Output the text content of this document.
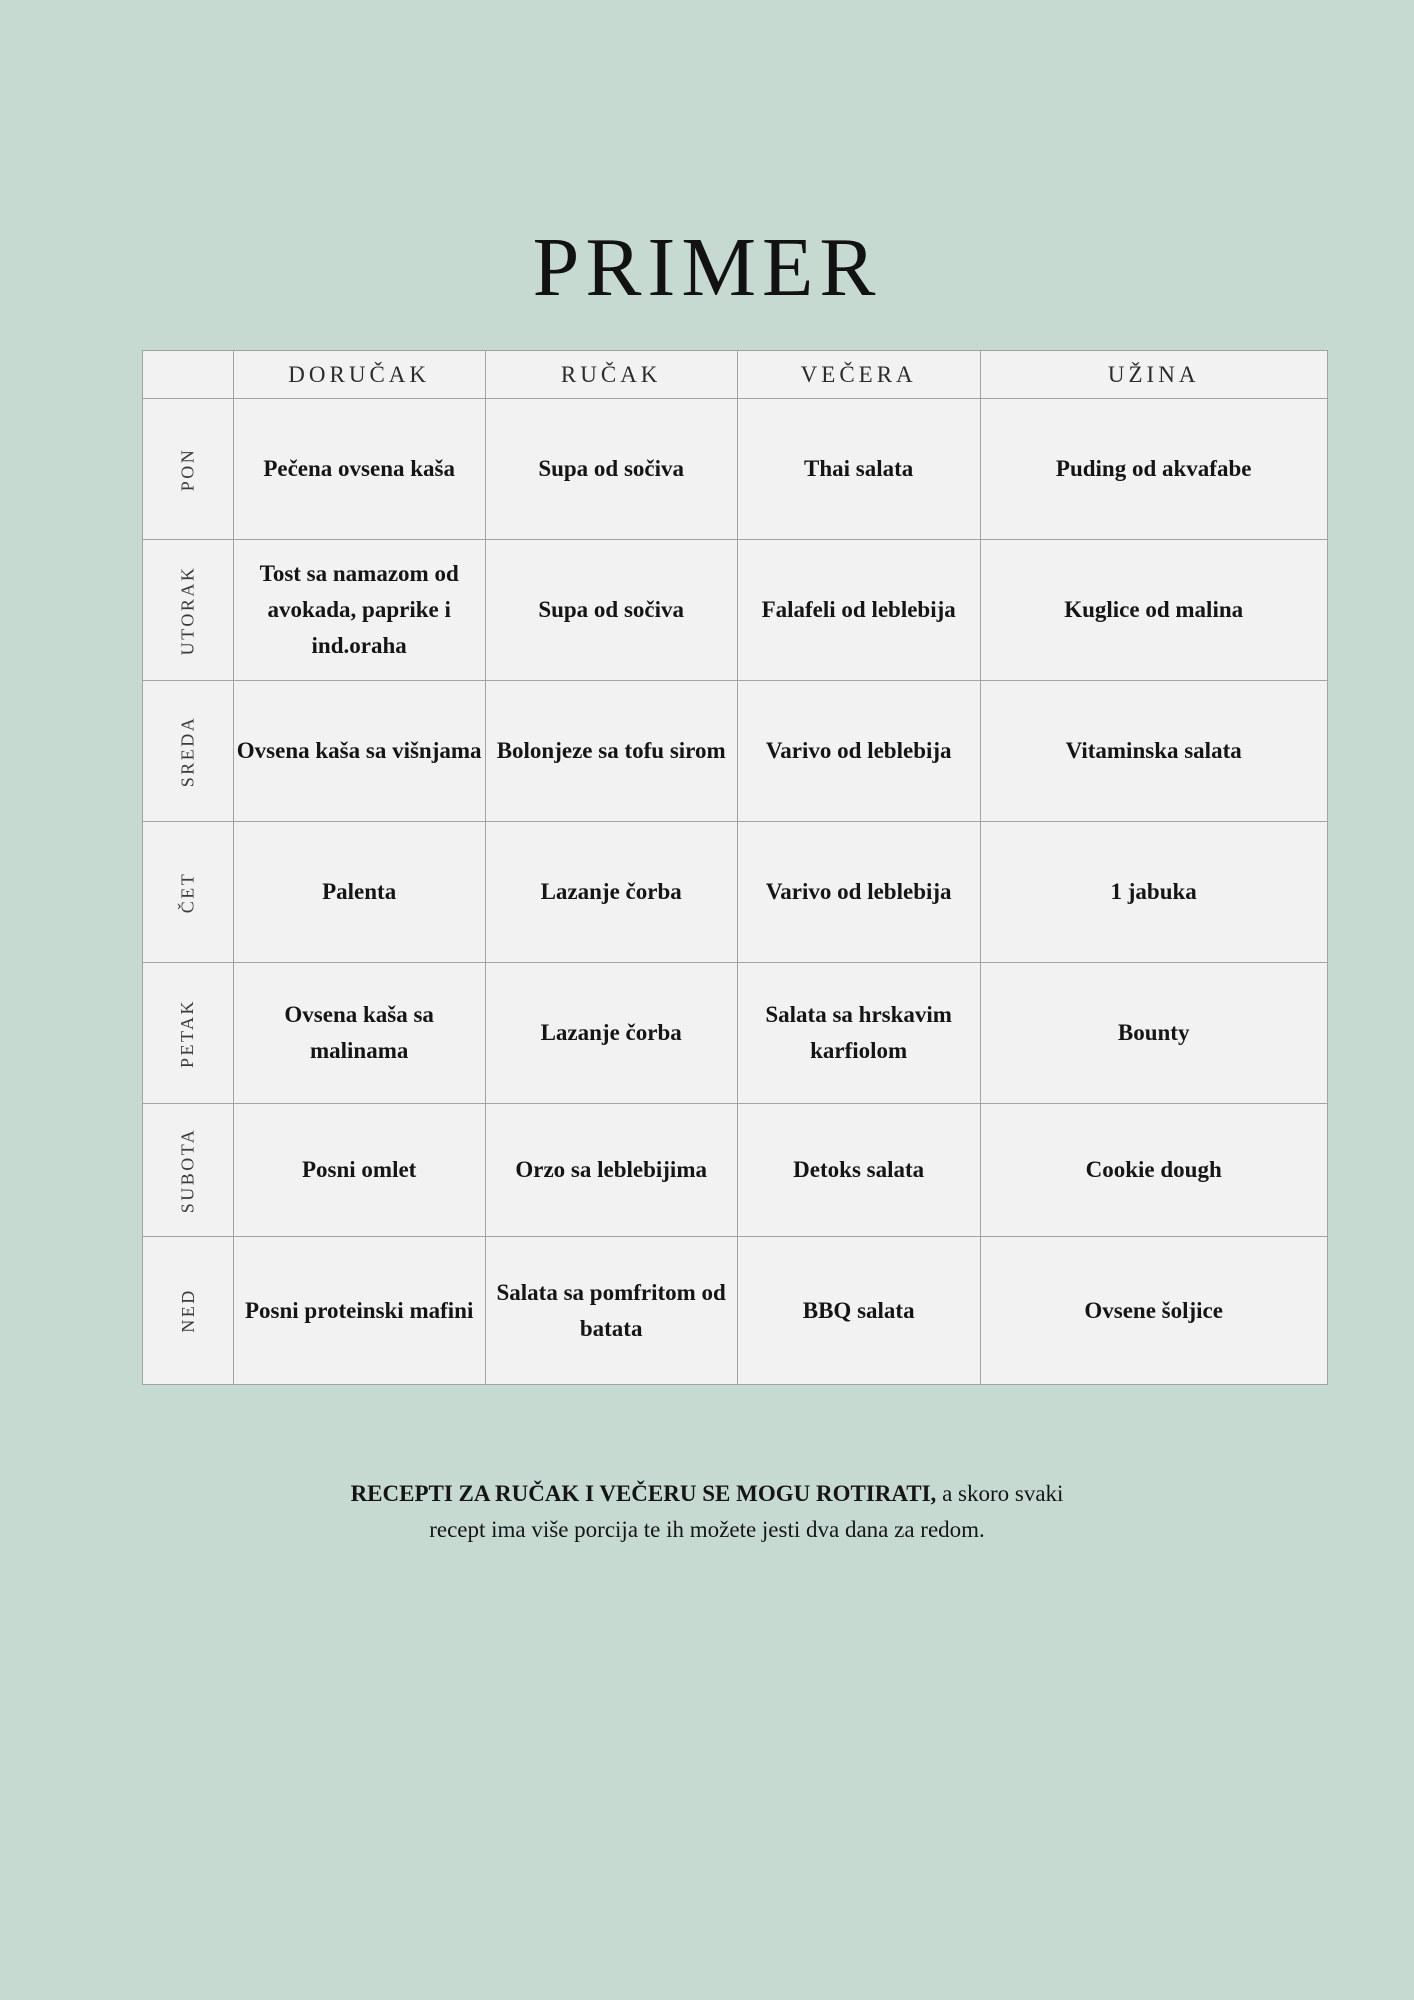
PRIMER
	DORUČAK	RUČAK	VEČERA	UŽINA
PON	Pečena ovsena kaša	Supa od sočiva	Thai salata	Puding od akvafabe
UTORAK	Tost sa namazom od avokada, paprike i ind.oraha	Supa od sočiva	Falafeli od leblebija	Kuglice od malina
SREDA	Ovsena kaša sa višnjama	Bolonjeze sa tofu sirom	Varivo od leblebija	Vitaminska salata
ČET	Palenta	Lazanje čorba	Varivo od leblebija	1 jabuka
PETAK	Ovsena kaša sa malinama	Lazanje čorba	Salata sa hrskavim karfiolom	Bounty
SUBOTA	Posni omlet	Orzo sa leblebijima	Detoks salata	Cookie dough
NED	Posni proteinski mafini	Salata sa pomfritom od batata	BBQ salata	Ovsene šoljice
RECEPTI ZA RUČAK I VEČERU SE MOGU ROTIRATI, a skoro svaki
recept ima više porcija te ih možete jesti dva dana za redom.
